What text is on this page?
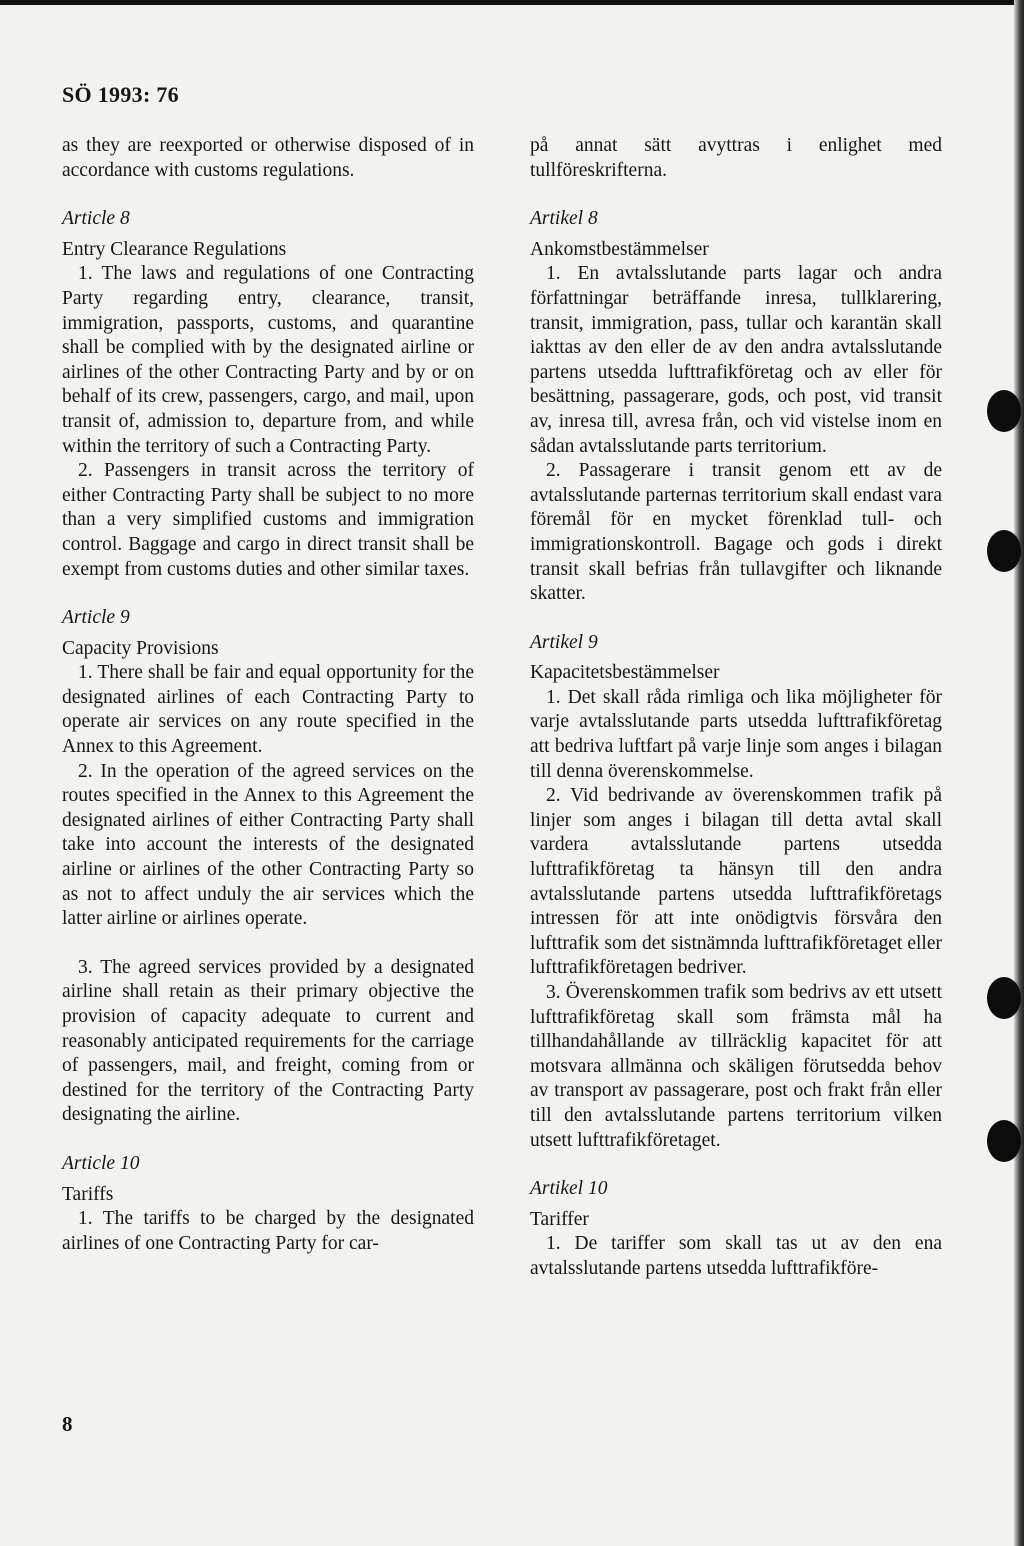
SÖ 1993: 76

as they are reexported or otherwise disposed of in accordance with customs regulations.

Article 8

Entry Clearance Regulations

1. The laws and regulations of one Contracting Party regarding entry, clearance, transit, immigration, passports, customs, and quarantine shall be complied with by the designated airline or airlines of the other Contracting Party and by or on behalf of its crew, passengers, cargo, and mail, upon transit of, admission to, departure from, and while within the territory of such a Contracting Party.

2. Passengers in transit across the territory of either Contracting Party shall be subject to no more than a very simplified customs and immigration control. Baggage and cargo in direct transit shall be exempt from customs duties and other similar taxes.

Article 9

Capacity Provisions

1. There shall be fair and equal opportunity for the designated airlines of each Contracting Party to operate air services on any route specified in the Annex to this Agreement.

2. In the operation of the agreed services on the routes specified in the Annex to this Agreement the designated airlines of either Contracting Party shall take into account the interests of the designated airline or airlines of the other Contracting Party so as not to affect unduly the air services which the latter airline or airlines operate.

3. The agreed services provided by a designated airline shall retain as their primary objective the provision of capacity adequate to current and reasonably anticipated requirements for the carriage of passengers, mail, and freight, coming from or destined for the territory of the Contracting Party designating the airline.

Article 10

Tariffs

1. The tariffs to be charged by the designated airlines of one Contracting Party for car-

på annat sätt avyttras i enlighet med tullföreskrifterna.

Artikel 8

Ankomstbestämmelser

1. En avtalsslutande parts lagar och andra författningar beträffande inresa, tullklarering, transit, immigration, pass, tullar och karantän skall iakttas av den eller de av den andra avtalsslutande partens utsedda lufttrafikföretag och av eller för besättning, passagerare, gods, och post, vid transit av, inresa till, avresa från, och vid vistelse inom en sådan avtalsslutande parts territorium.

2. Passagerare i transit genom ett av de avtalsslutande parternas territorium skall endast vara föremål för en mycket förenklad tull- och immigrationskontroll. Bagage och gods i direkt transit skall befrias från tullavgifter och liknande skatter.

Artikel 9

Kapacitetsbestämmelser

1. Det skall råda rimliga och lika möjligheter för varje avtalsslutande parts utsedda lufttrafikföretag att bedriva luftfart på varje linje som anges i bilagan till denna överenskommelse.

2. Vid bedrivande av överenskommen trafik på linjer som anges i bilagan till detta avtal skall vardera avtalsslutande partens utsedda lufttrafikföretag ta hänsyn till den andra avtalsslutande partens utsedda lufttrafikföretags intressen för att inte onödigtvis försvåra den lufttrafik som det sistnämnda lufttrafikföretaget eller lufttrafikföretagen bedriver.

3. Överenskommen trafik som bedrivs av ett utsett lufttrafikföretag skall som främsta mål ha tillhandahållande av tillräcklig kapacitet för att motsvara allmänna och skäligen förutsedda behov av transport av passagerare, post och frakt från eller till den avtalsslutande partens territorium vilken utsett lufttrafikföretaget.

Artikel 10

Tariffer

1. De tariffer som skall tas ut av den ena avtalsslutande partens utsedda lufttrafikföre-

8
